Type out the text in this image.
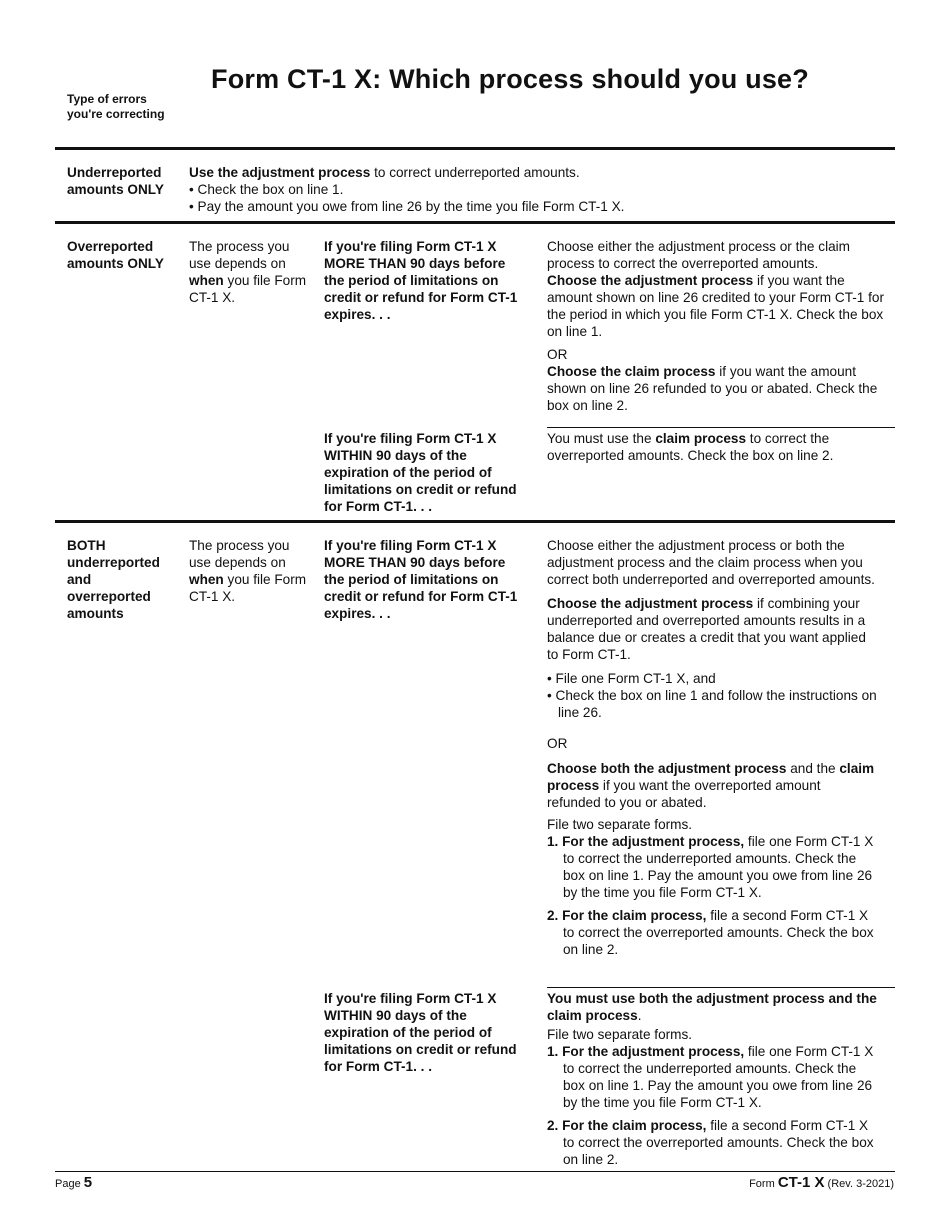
Form CT-1 X: Which process should you use?
Type of errors you're correcting
Underreported amounts ONLY
Use the adjustment process to correct underreported amounts.
• Check the box on line 1.
• Pay the amount you owe from line 26 by the time you file Form CT-1 X.
Overreported amounts ONLY
The process you use depends on when you file Form CT-1 X.
If you're filing Form CT-1 X MORE THAN 90 days before the period of limitations on credit or refund for Form CT-1 expires. . .
Choose either the adjustment process or the claim process to correct the overreported amounts.
Choose the adjustment process if you want the amount shown on line 26 credited to your Form CT-1 for the period in which you file Form CT-1 X. Check the box on line 1.
OR
Choose the claim process if you want the amount shown on line 26 refunded to you or abated. Check the box on line 2.
If you're filing Form CT-1 X WITHIN 90 days of the expiration of the period of limitations on credit or refund for Form CT-1. . .
You must use the claim process to correct the overreported amounts. Check the box on line 2.
BOTH underreported and overreported amounts
The process you use depends on when you file Form CT-1 X.
If you're filing Form CT-1 X MORE THAN 90 days before the period of limitations on credit or refund for Form CT-1 expires. . .
Choose either the adjustment process or both the adjustment process and the claim process when you correct both underreported and overreported amounts.
Choose the adjustment process if combining your underreported and overreported amounts results in a balance due or creates a credit that you want applied to Form CT-1.
• File one Form CT-1 X, and
• Check the box on line 1 and follow the instructions on line 26.
OR
Choose both the adjustment process and the claim process if you want the overreported amount refunded to you or abated.
File two separate forms.
1. For the adjustment process, file one Form CT-1 X to correct the underreported amounts. Check the box on line 1. Pay the amount you owe from line 26 by the time you file Form CT-1 X.
2. For the claim process, file a second Form CT-1 X to correct the overreported amounts. Check the box on line 2.
If you're filing Form CT-1 X WITHIN 90 days of the expiration of the period of limitations on credit or refund for Form CT-1. . .
You must use both the adjustment process and the claim process.
File two separate forms.
1. For the adjustment process, file one Form CT-1 X to correct the underreported amounts. Check the box on line 1. Pay the amount you owe from line 26 by the time you file Form CT-1 X.
2. For the claim process, file a second Form CT-1 X to correct the overreported amounts. Check the box on line 2.
Page 5	Form CT-1 X (Rev. 3-2021)
